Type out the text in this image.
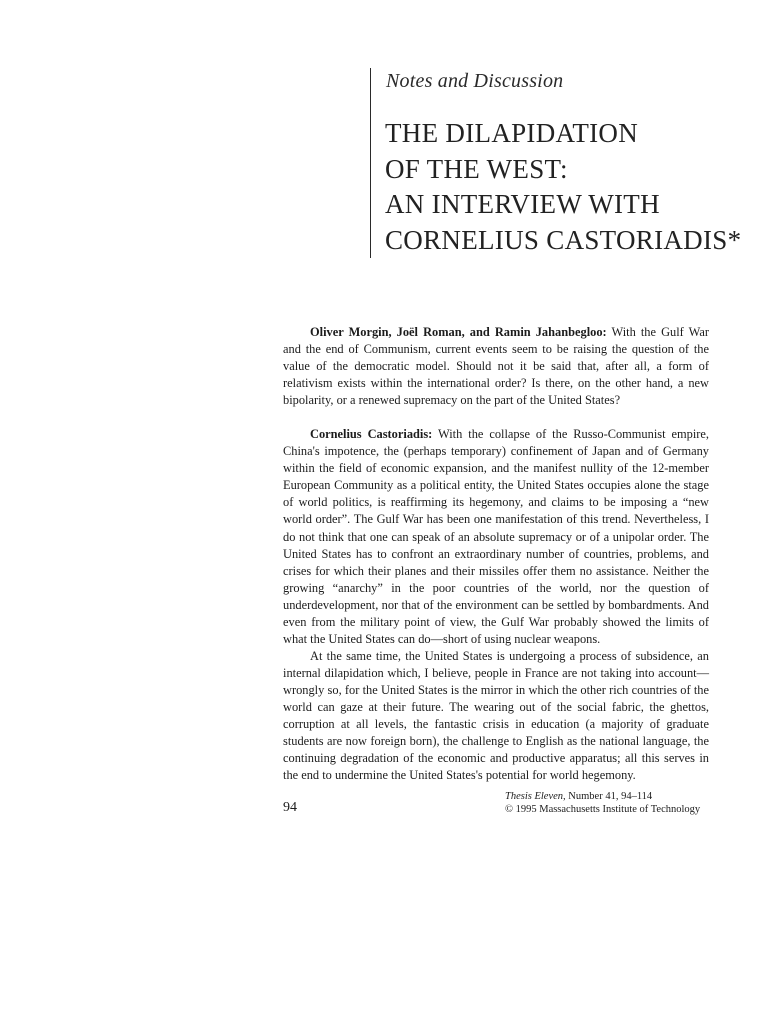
Notes and Discussion
THE DILAPIDATION
OF THE WEST:
AN INTERVIEW WITH
CORNELIUS CASTORIADIS*

Oliver Morgin, Joël Roman, and Ramin Jahanbegloo: With the Gulf War and the end of Communism, current events seem to be raising the question of the value of the democratic model. Should not it be said that, after all, a form of relativism exists within the international order? Is there, on the other hand, a new bipolarity, or a renewed supremacy on the part of the United States?

Cornelius Castoriadis: With the collapse of the Russo-Communist empire, China's impotence, the (perhaps temporary) confinement of Japan and of Germany within the field of economic expansion, and the manifest nullity of the 12-member European Community as a political entity, the United States occupies alone the stage of world politics, is reaffirming its hegemony, and claims to be imposing a “new world order”. The Gulf War has been one manifestation of this trend. Nevertheless, I do not think that one can speak of an absolute supremacy or of a unipolar order. The United States has to confront an extraordinary number of countries, problems, and crises for which their planes and their missiles offer them no assistance. Neither the growing “anarchy” in the poor countries of the world, nor the question of underdevelopment, nor that of the environment can be settled by bombardments. And even from the military point of view, the Gulf War probably showed the limits of what the United States can do—short of using nuclear weapons.

At the same time, the United States is undergoing a process of subsidence, an internal dilapidation which, I believe, people in France are not taking into account—wrongly so, for the United States is the mirror in which the other rich countries of the world can gaze at their future. The wearing out of the social fabric, the ghettos, corruption at all levels, the fantastic crisis in education (a majority of graduate students are now foreign born), the challenge to English as the national language, the continuing degradation of the economic and productive apparatus; all this serves in the end to undermine the United States's potential for world hegemony.

94
Thesis Eleven, Number 41, 94–114
© 1995 Massachusetts Institute of Technology
